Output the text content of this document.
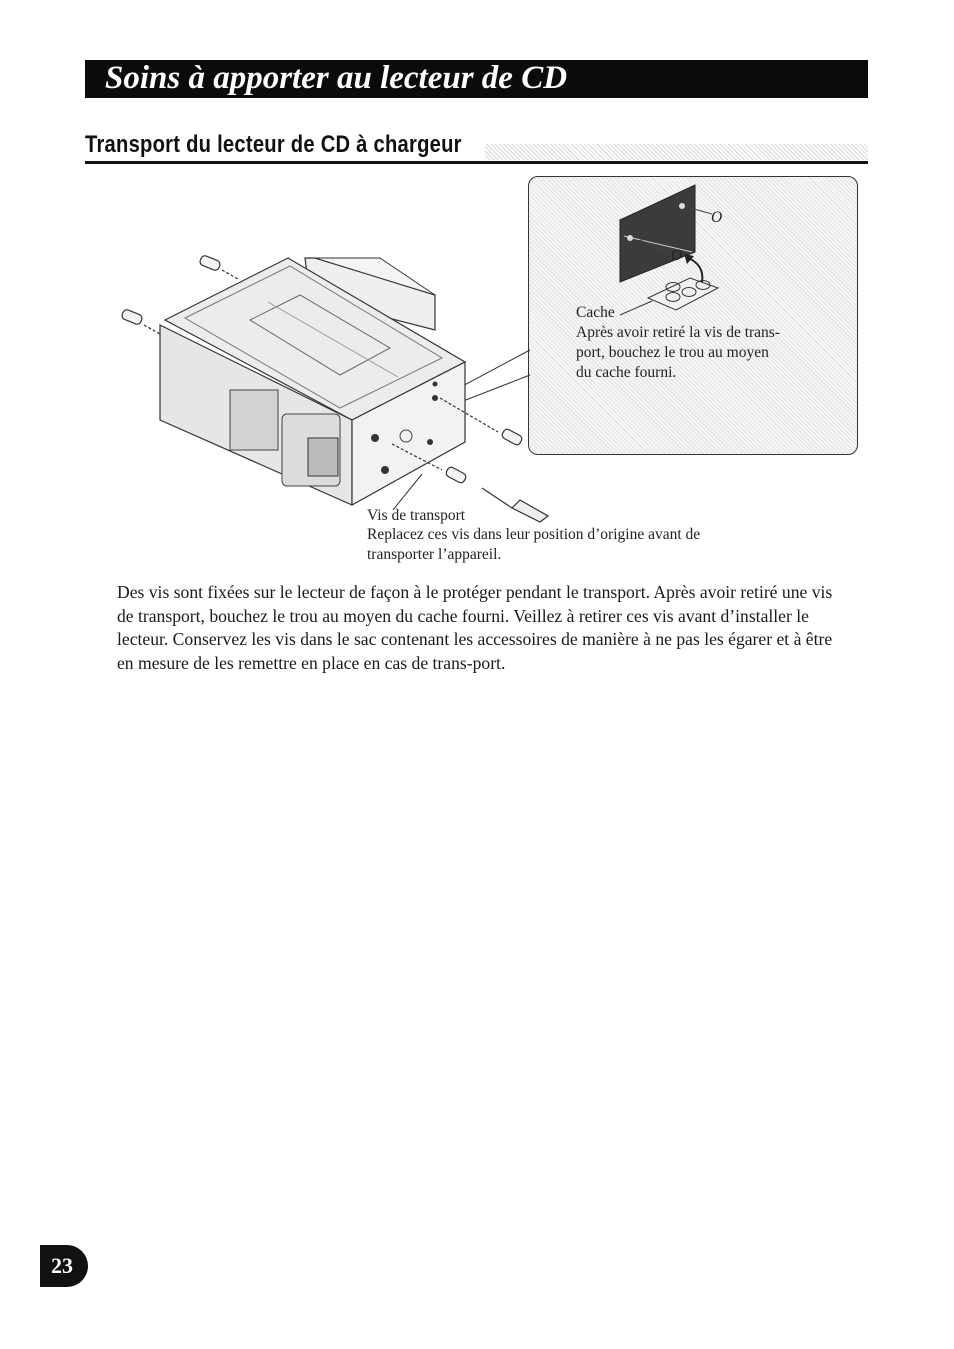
Soins à apporter au lecteur de CD
Transport du lecteur de CD à chargeur
O
O
Cache
Après avoir retiré la vis de trans-
port, bouchez le trou au moyen
du cache fourni.
Vis de transport
Replacez ces vis dans leur position d’origine avant de
transporter l’appareil.

Des vis sont fixées sur le lecteur de façon à le protéger pendant le transport. Après avoir retiré une vis de transport, bouchez le trou au moyen du cache fourni. Veillez à retirer ces vis avant d’installer le lecteur. Conservez les vis dans le sac contenant les accessoires de manière à ne pas les égarer et à être en mesure de les remettre en place en cas de trans-port.

23
